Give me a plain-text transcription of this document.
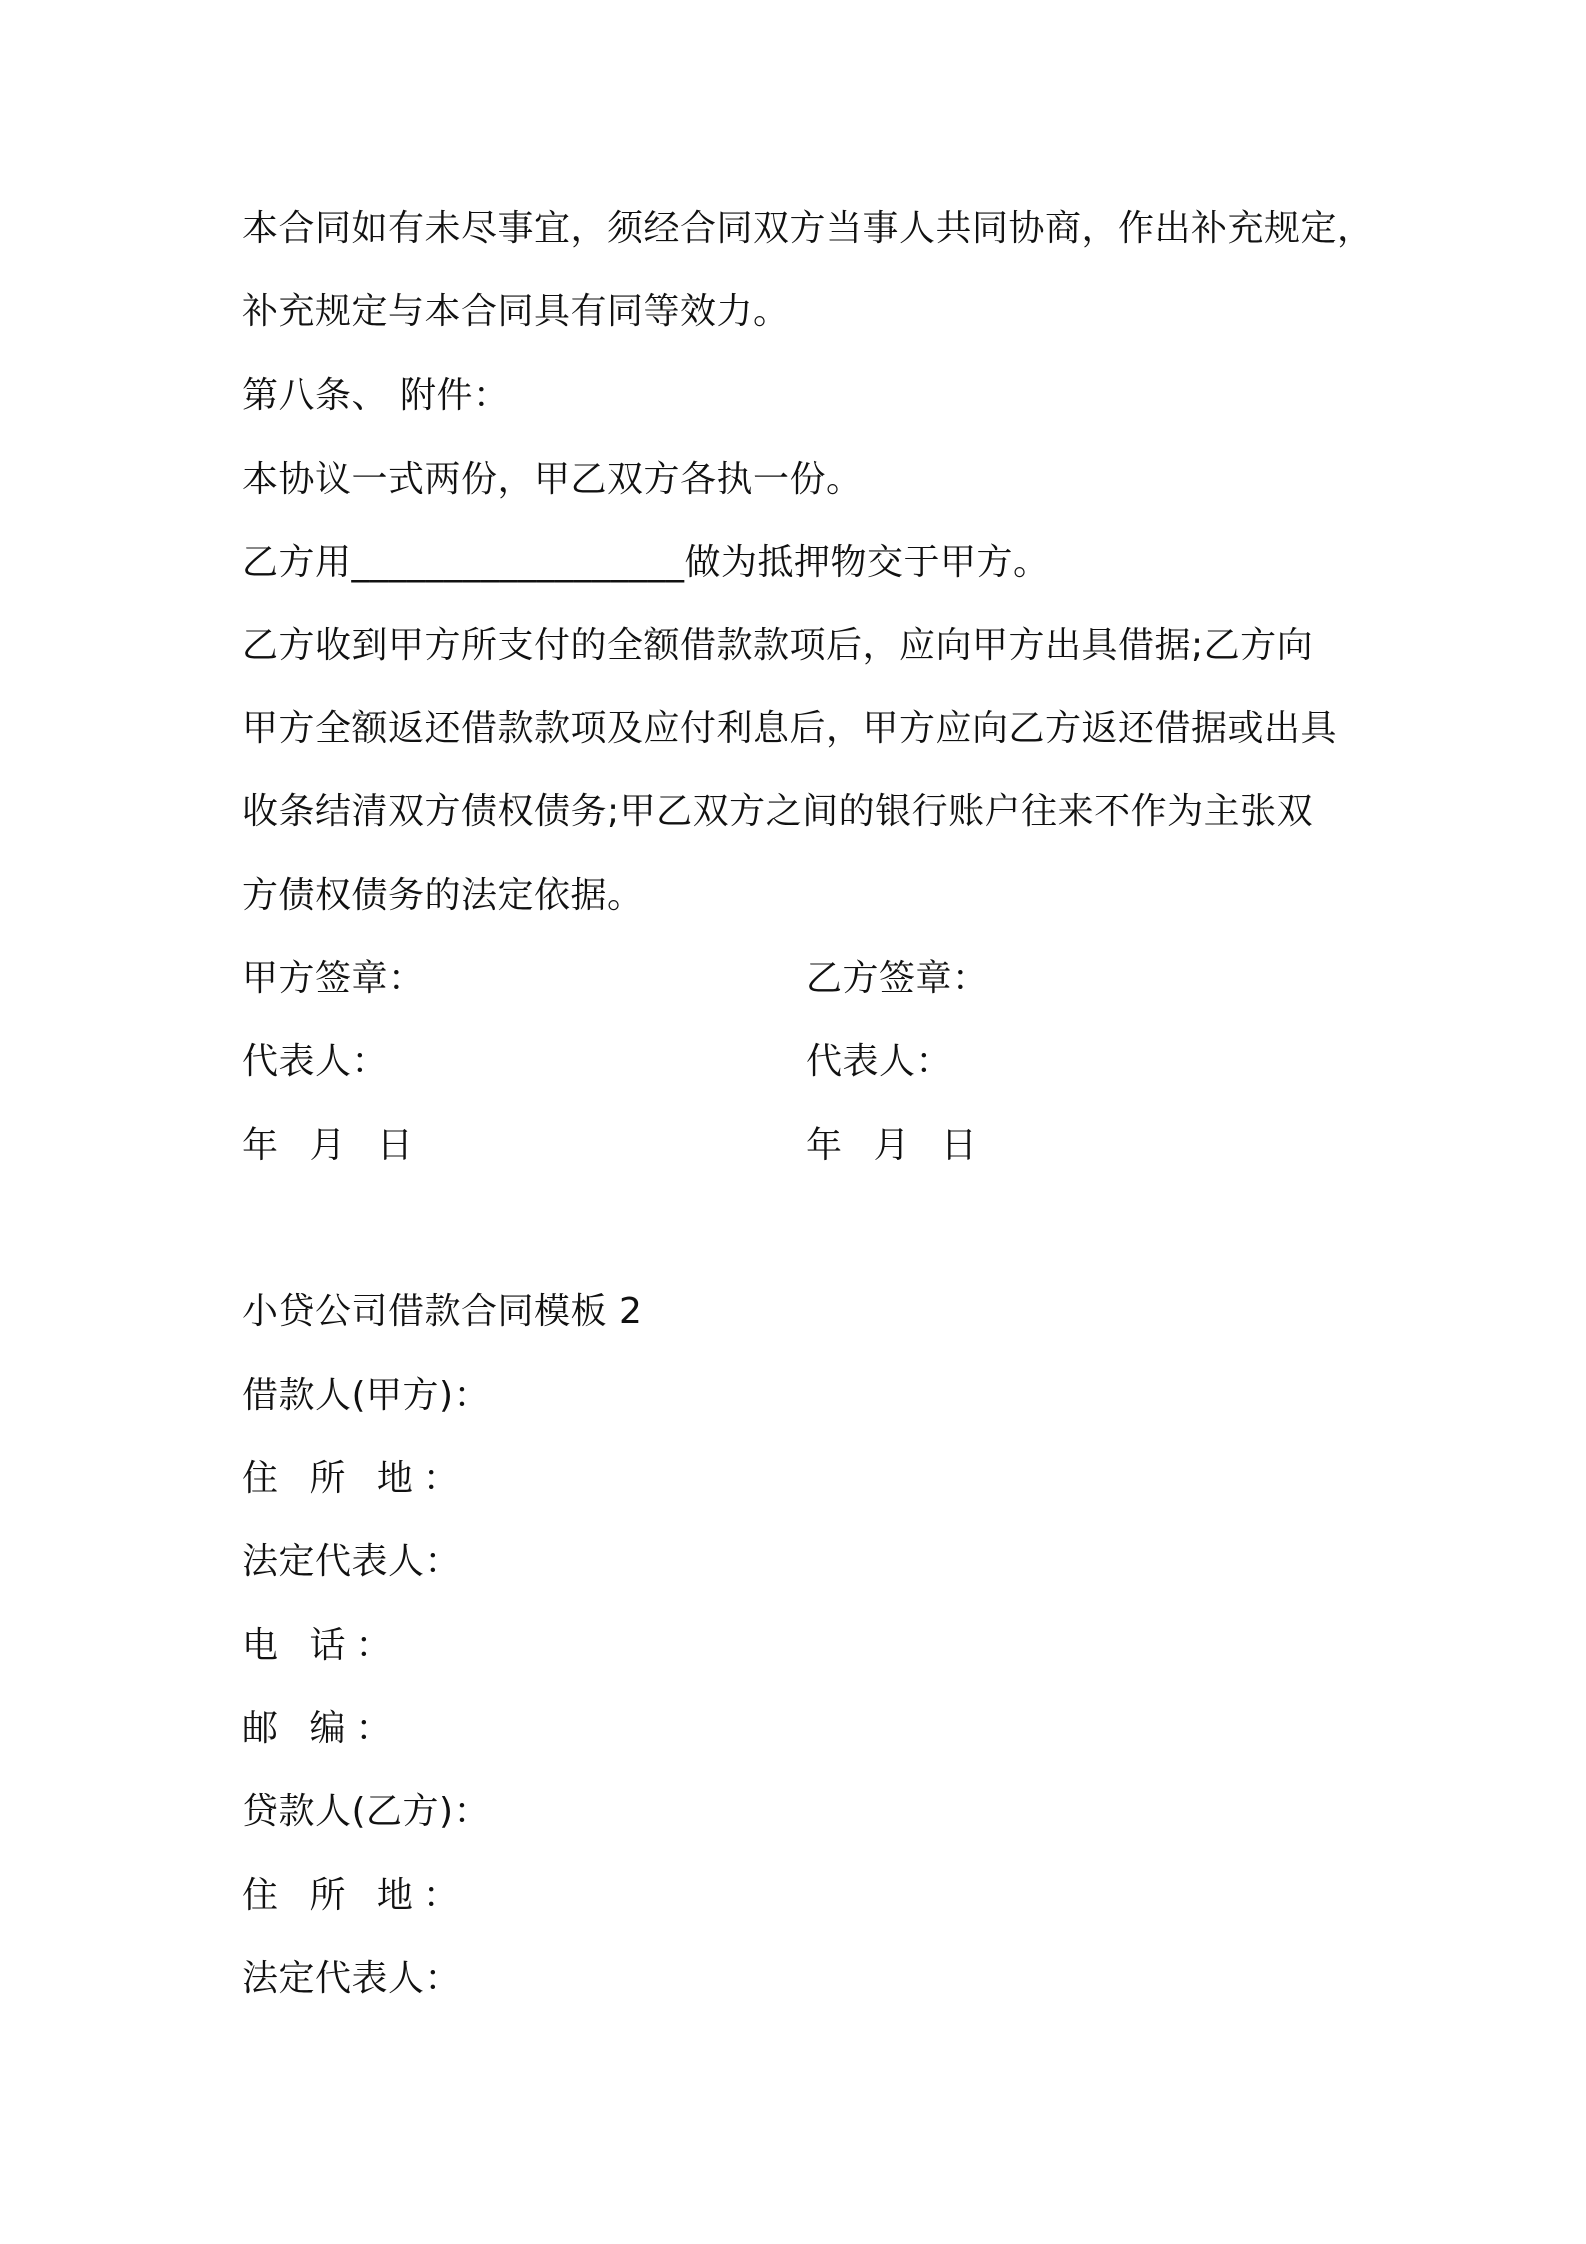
本合同如有未尽事宜，须经合同双方当事人共同协商，作出补充规定，
补充规定与本合同具有同等效力。
第八条、 附件：
本协议一式两份，甲乙双方各执一份。
乙方用__________________做为抵押物交于甲方。
乙方收到甲方所支付的全额借款款项后，应向甲方出具借据;乙方向
甲方全额返还借款款项及应付利息后，甲方应向乙方返还借据或出具
收条结清双方债权债务;甲乙双方之间的银行账户往来不作为主张双
方债权债务的法定依据。
甲方签章：	乙方签章：
代表人：	代表人：
年 月 日	年 月 日
小贷公司借款合同模板 2
借款人(甲方)：
住 所 地：
法定代表人：
电 话：
邮 编：
贷款人(乙方)：
住 所 地：
法定代表人：
